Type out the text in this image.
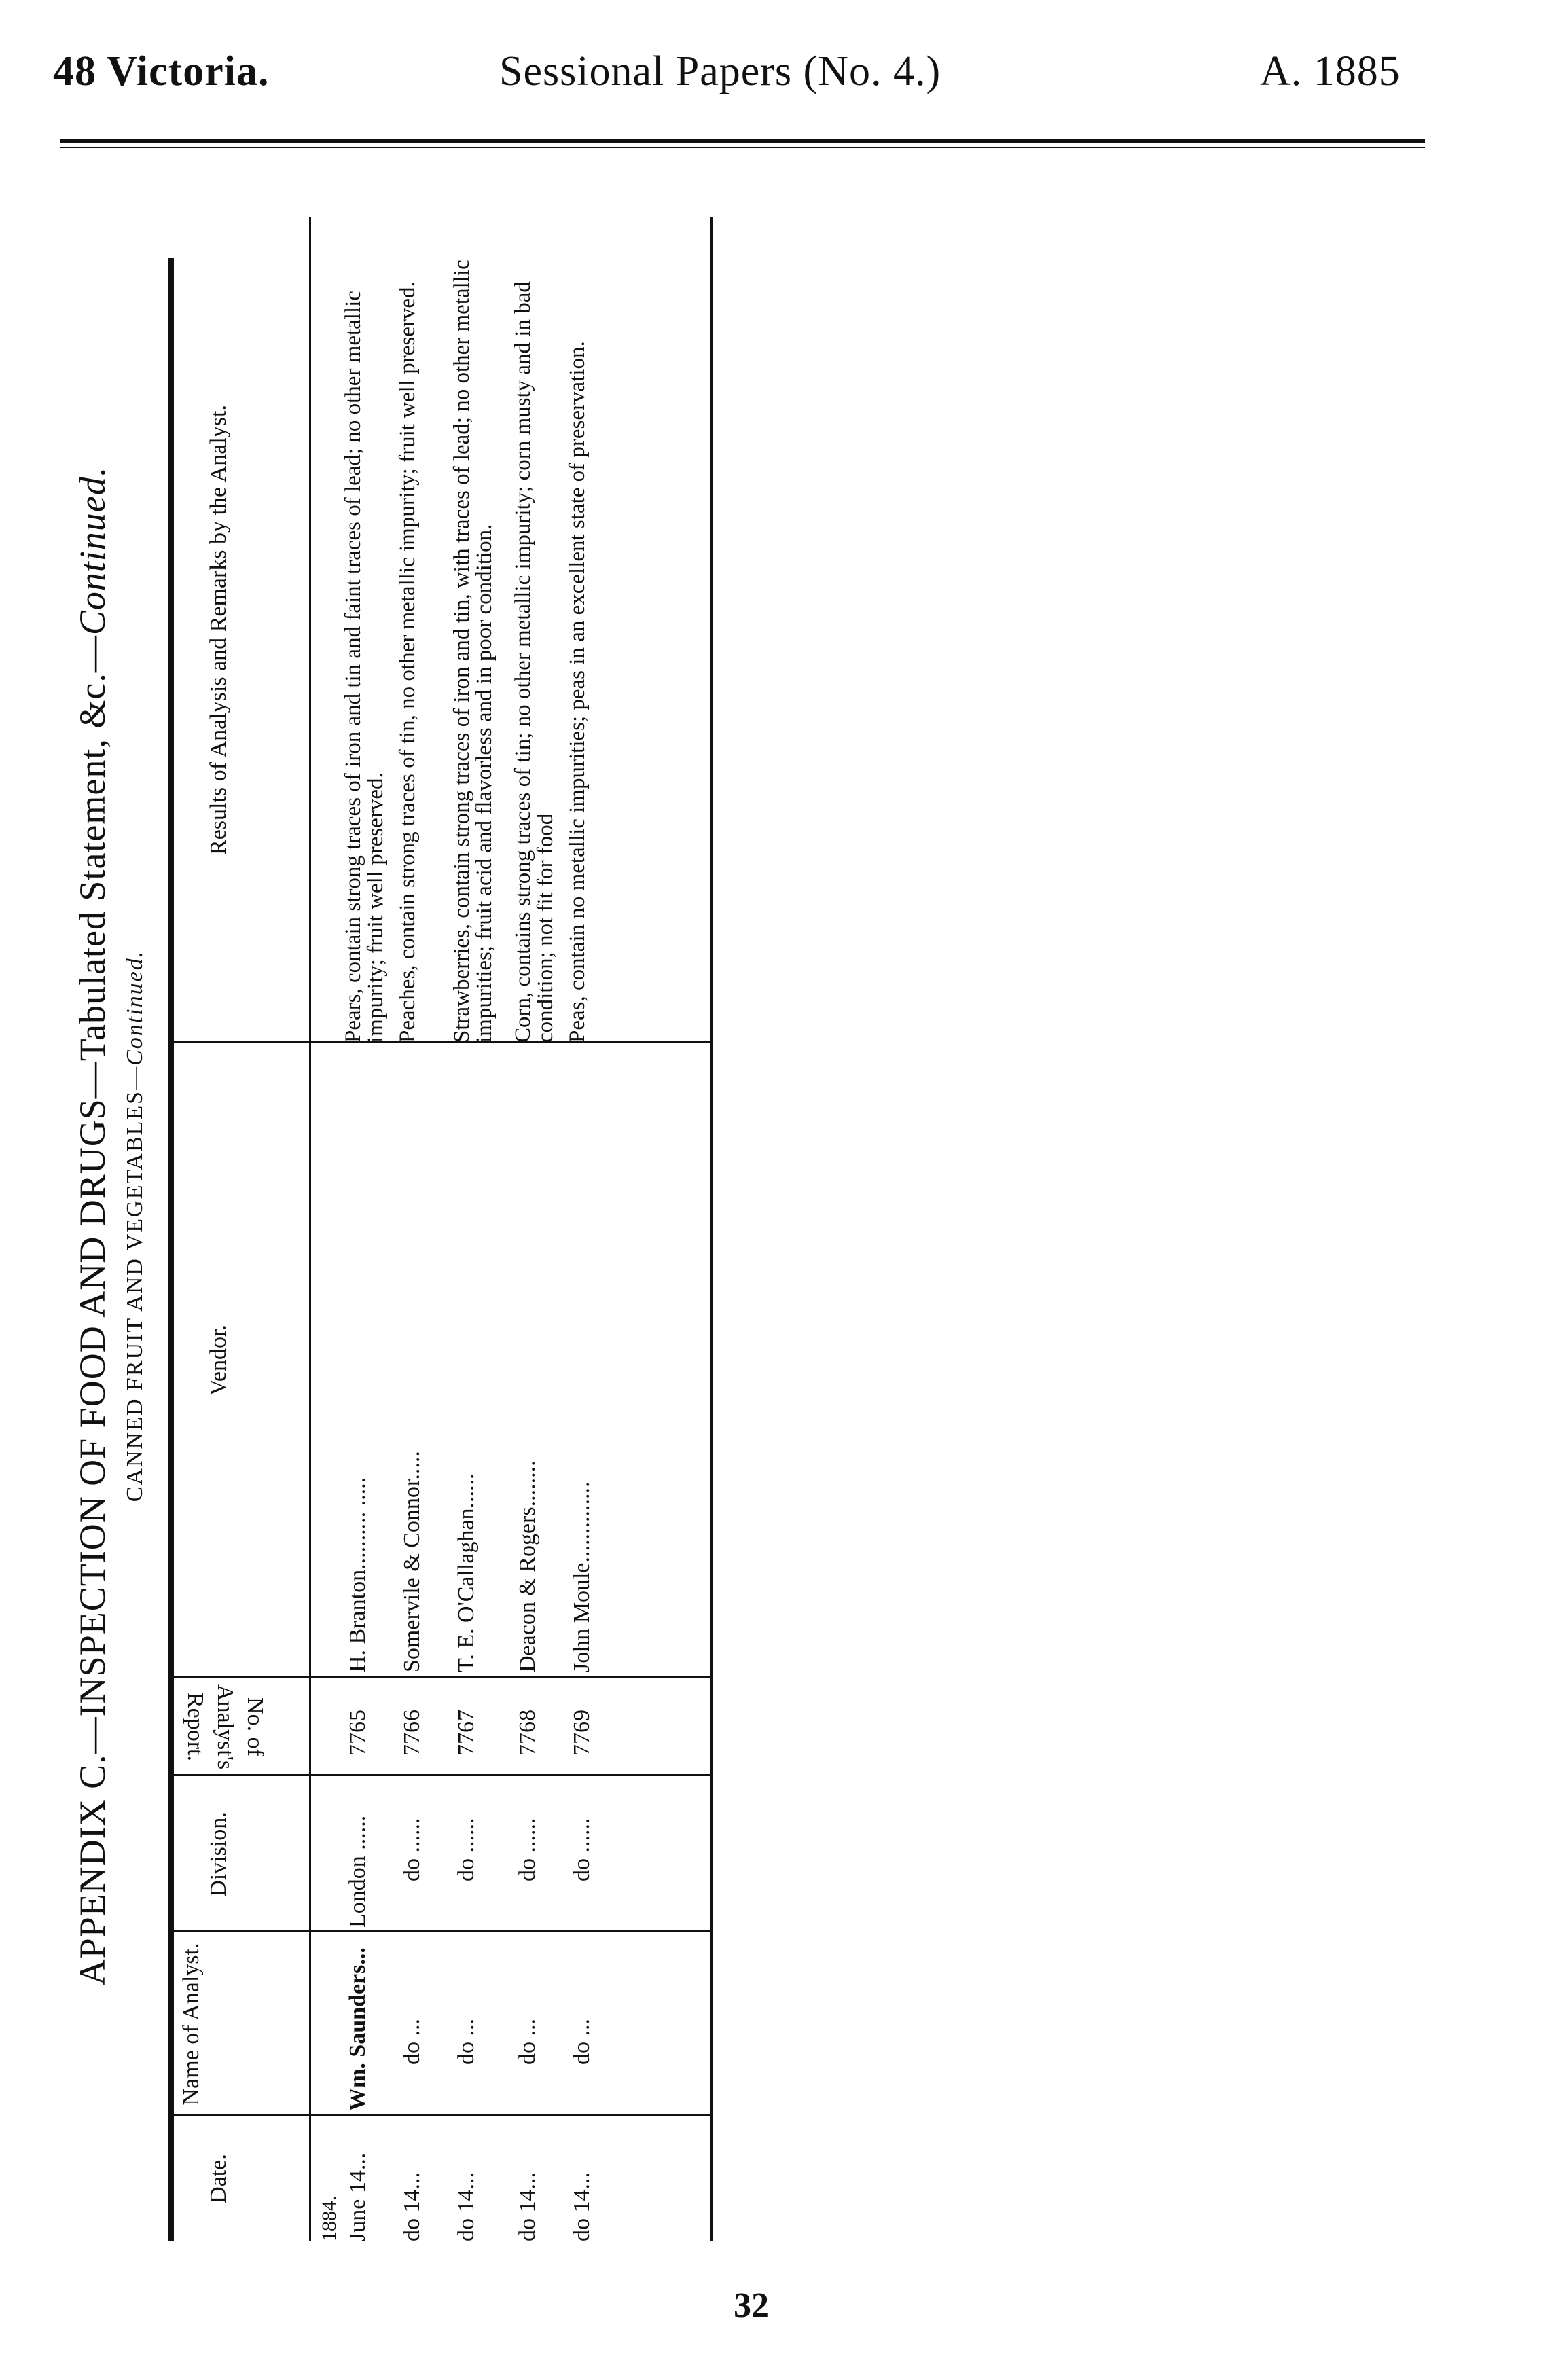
48 Victoria.	Sessional Papers (No. 4.)	A. 1885
APPENDIX C.—INSPECTION OF FOOD AND DRUGS—Tabulated Statement, &c.—Continued.
CANNED FRUIT AND VEGETABLES—Continued.
Date.
Name of Analyst.
Division.
No. of Analyst's Report.
Vendor.
Results of Analysis and Remarks by the Analyst.
1884. June 14...
Wm. Saunders...
London ......
7765
H. Branton.......... .....
Pears, contain strong traces of iron and tin and faint traces of lead; no other metallic impurity; fruit well preserved.
do 14...
do ...
do ......
7766
Somervile & Connor.....
Peaches, contain strong traces of tin, no other metallic impurity; fruit well preserved.
do 14...
do ...
do ......
7767
T. E. O'Callaghan......
Strawberries, contain strong traces of iron and tin, with traces of lead; no other metallic impurities; fruit acid and flavorless and in poor condition.
do 14...
do ...
do ......
7768
Deacon & Rogers........
Corn, contains strong traces of tin; no other metallic impurity; corn musty and in bad condition; not fit for food
do 14...
do ...
do ......
7769
John Moule..............
Peas, contain no metallic impurities; peas in an excellent state of preservation.
32
